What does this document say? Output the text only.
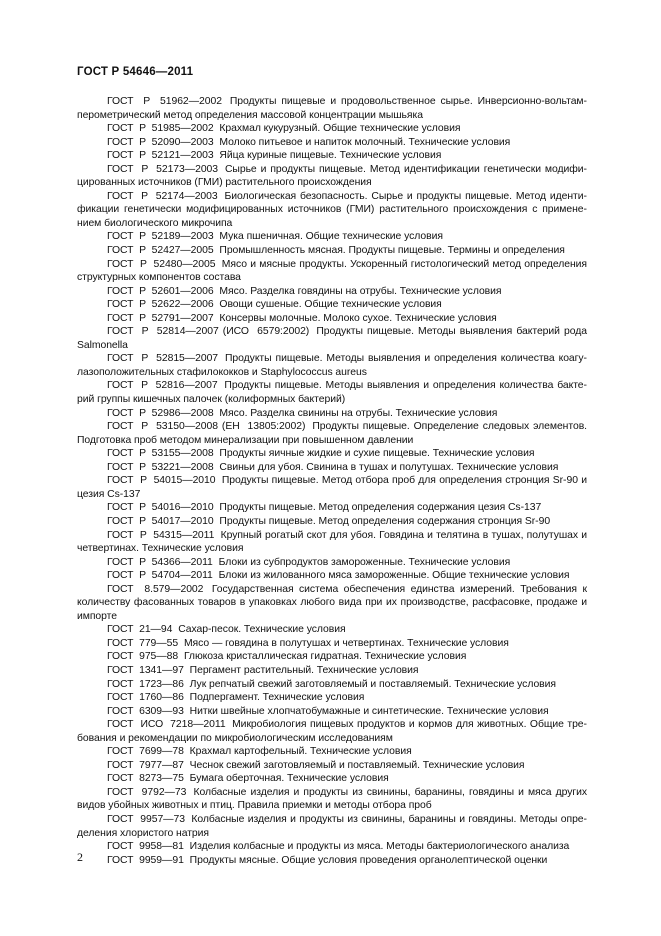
ГОСТ Р 54646—2011

ГОСТ  Р  51962—2002 Продукты пищевые и продовольственное сырье. Инверсионно-вольтамперометрический метод определения массовой концентрации мышьяка

ГОСТ  Р  51985—2002 Крахмал кукурузный. Общие технические условия

ГОСТ  Р  52090—2003 Молоко питьевое и напиток молочный. Технические условия

ГОСТ  Р  52121—2003 Яйца куриные пищевые. Технические условия

ГОСТ  Р  52173—2003 Сырье и продукты пищевые. Метод идентификации генетически модифицированных источников (ГМИ) растительного происхождения

ГОСТ  Р  52174—2003 Биологическая безопасность. Сырье и продукты пищевые. Метод идентификации генетически модифицированных источников (ГМИ) растительного происхождения с применением биологического микрочипа

ГОСТ  Р  52189—2003 Мука пшеничная. Общие технические условия

ГОСТ  Р  52427—2005 Промышленность мясная. Продукты пищевые. Термины и определения

ГОСТ  Р  52480—2005 Мясо и мясные продукты. Ускоренный гистологический метод определения структурных компонентов состава

ГОСТ  Р  52601—2006 Мясо. Разделка говядины на отрубы. Технические условия

ГОСТ  Р  52622—2006 Овощи сушеные. Общие технические условия

ГОСТ  Р  52791—2007 Консервы молочные. Молоко сухое. Технические условия

ГОСТ  Р  52814—2007 (ИСО  6579:2002) Продукты пищевые. Методы выявления бактерий рода Salmonella

ГОСТ  Р  52815—2007 Продукты пищевые. Методы выявления и определения количества коагулазоположительных стафилококков и Staphylococcus aureus

ГОСТ  Р  52816—2007 Продукты пищевые. Методы выявления и определения количества бактерий группы кишечных палочек (колиформных бактерий)

ГОСТ  Р  52986—2008 Мясо. Разделка свинины на отрубы. Технические условия

ГОСТ  Р  53150—2008 (ЕН  13805:2002) Продукты пищевые. Определение следовых элементов. Подготовка проб методом минерализации при повышенном давлении

ГОСТ  Р  53155—2008 Продукты яичные жидкие и сухие пищевые. Технические условия

ГОСТ  Р  53221—2008 Свиньи для убоя. Свинина в тушах и полутушах. Технические условия

ГОСТ  Р  54015—2010 Продукты пищевые. Метод отбора проб для определения стронция Sr-90 и цезия Cs-137

ГОСТ  Р  54016—2010 Продукты пищевые. Метод определения содержания цезия Cs-137

ГОСТ  Р  54017—2010 Продукты пищевые. Метод определения содержания стронция Sr-90

ГОСТ  Р  54315—2011 Крупный рогатый скот для убоя. Говядина и телятина в тушах, полутушах и четвертинах. Технические условия

ГОСТ  Р  54366—2011 Блоки из субпродуктов замороженные. Технические условия

ГОСТ  Р  54704—2011 Блоки из жилованного мяса замороженные. Общие технические условия

ГОСТ  8.579—2002 Государственная система обеспечения единства измерений. Требования к количеству фасованных товаров в упаковках любого вида при их производстве, расфасовке, продаже и импорте

ГОСТ  21—94 Сахар-песок. Технические условия

ГОСТ  779—55 Мясо — говядина в полутушах и четвертинах. Технические условия

ГОСТ  975—88 Глюкоза кристаллическая гидратная. Технические условия

ГОСТ  1341—97 Пергамент растительный. Технические условия

ГОСТ  1723—86 Лук репчатый свежий заготовляемый и поставляемый. Технические условия

ГОСТ  1760—86 Подпергамент. Технические условия

ГОСТ  6309—93 Нитки швейные хлопчатобумажные и синтетические. Технические условия

ГОСТ  ИСО  7218—2011 Микробиология пищевых продуктов и кормов для животных. Общие требования и рекомендации по микробиологическим исследованиям

ГОСТ  7699—78 Крахмал картофельный. Технические условия

ГОСТ  7977—87 Чеснок свежий заготовляемый и поставляемый. Технические условия

ГОСТ  8273—75 Бумага оберточная. Технические условия

ГОСТ  9792—73 Колбасные изделия и продукты из свинины, баранины, говядины и мяса других видов убойных животных и птиц. Правила приемки и методы отбора проб

ГОСТ  9957—73 Колбасные изделия и продукты из свинины, баранины и говядины. Методы определения хлористого натрия

ГОСТ  9958—81 Изделия колбасные и продукты из мяса. Методы бактериологического анализа

ГОСТ  9959—91 Продукты мясные. Общие условия проведения органолептической оценки

2
